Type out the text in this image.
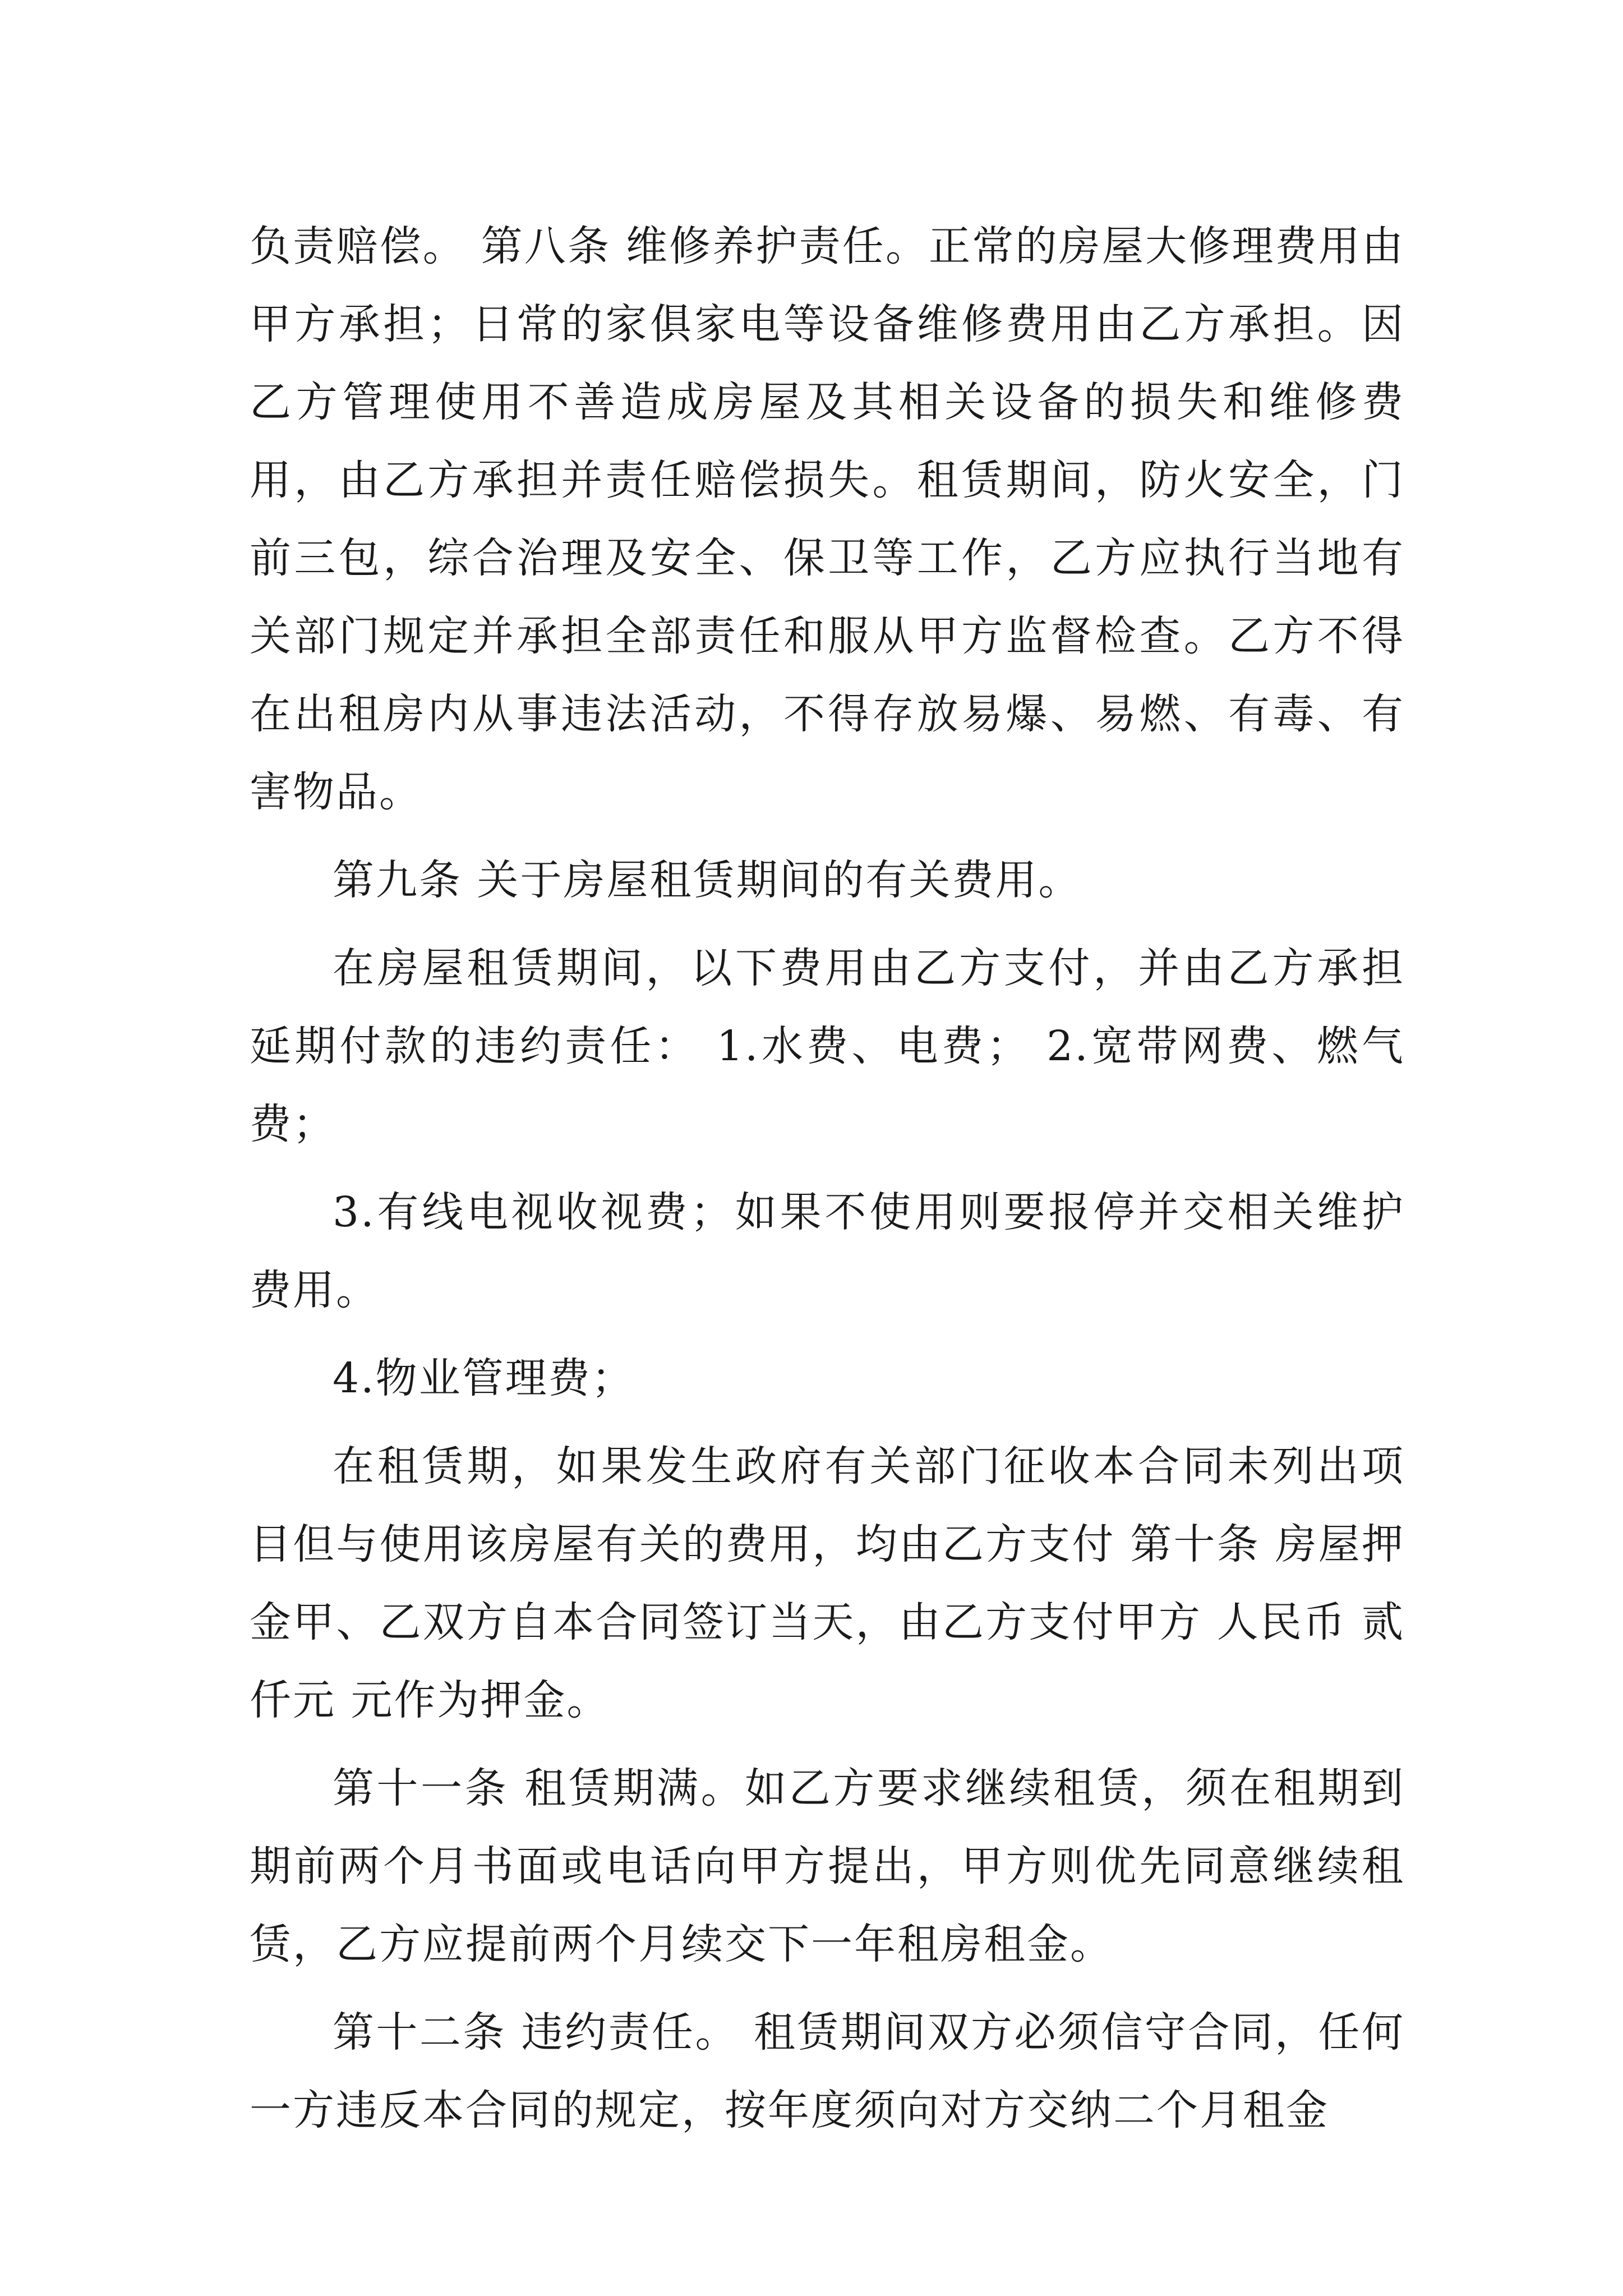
负责赔偿。 第八条 维修养护责任。正常的房屋大修理费用由甲方承担；日常的家俱家电等设备维修费用由乙方承担。因乙方管理使用不善造成房屋及其相关设备的损失和维修费用，由乙方承担并责任赔偿损失。租赁期间，防火安全，门前三包，综合治理及安全、保卫等工作，乙方应执行当地有关部门规定并承担全部责任和服从甲方监督检查。乙方不得在出租房内从事违法活动，不得存放易爆、易燃、有毒、有害物品。

第九条 关于房屋租赁期间的有关费用。

在房屋租赁期间，以下费用由乙方支付，并由乙方承担延期付款的违约责任： 1.水费、电费； 2.宽带网费、燃气费；

3.有线电视收视费；如果不使用则要报停并交相关维护费用。

4.物业管理费；

在租赁期，如果发生政府有关部门征收本合同未列出项目但与使用该房屋有关的费用，均由乙方支付 第十条 房屋押金甲、乙双方自本合同签订当天，由乙方支付甲方 人民币 贰仟元 元作为押金。

第十一条 租赁期满。如乙方要求继续租赁，须在租期到期前两个月书面或电话向甲方提出，甲方则优先同意继续租赁，乙方应提前两个月续交下一年租房租金。

第十二条 违约责任。 租赁期间双方必须信守合同，任何一方违反本合同的规定，按年度须向对方交纳二个月租金
